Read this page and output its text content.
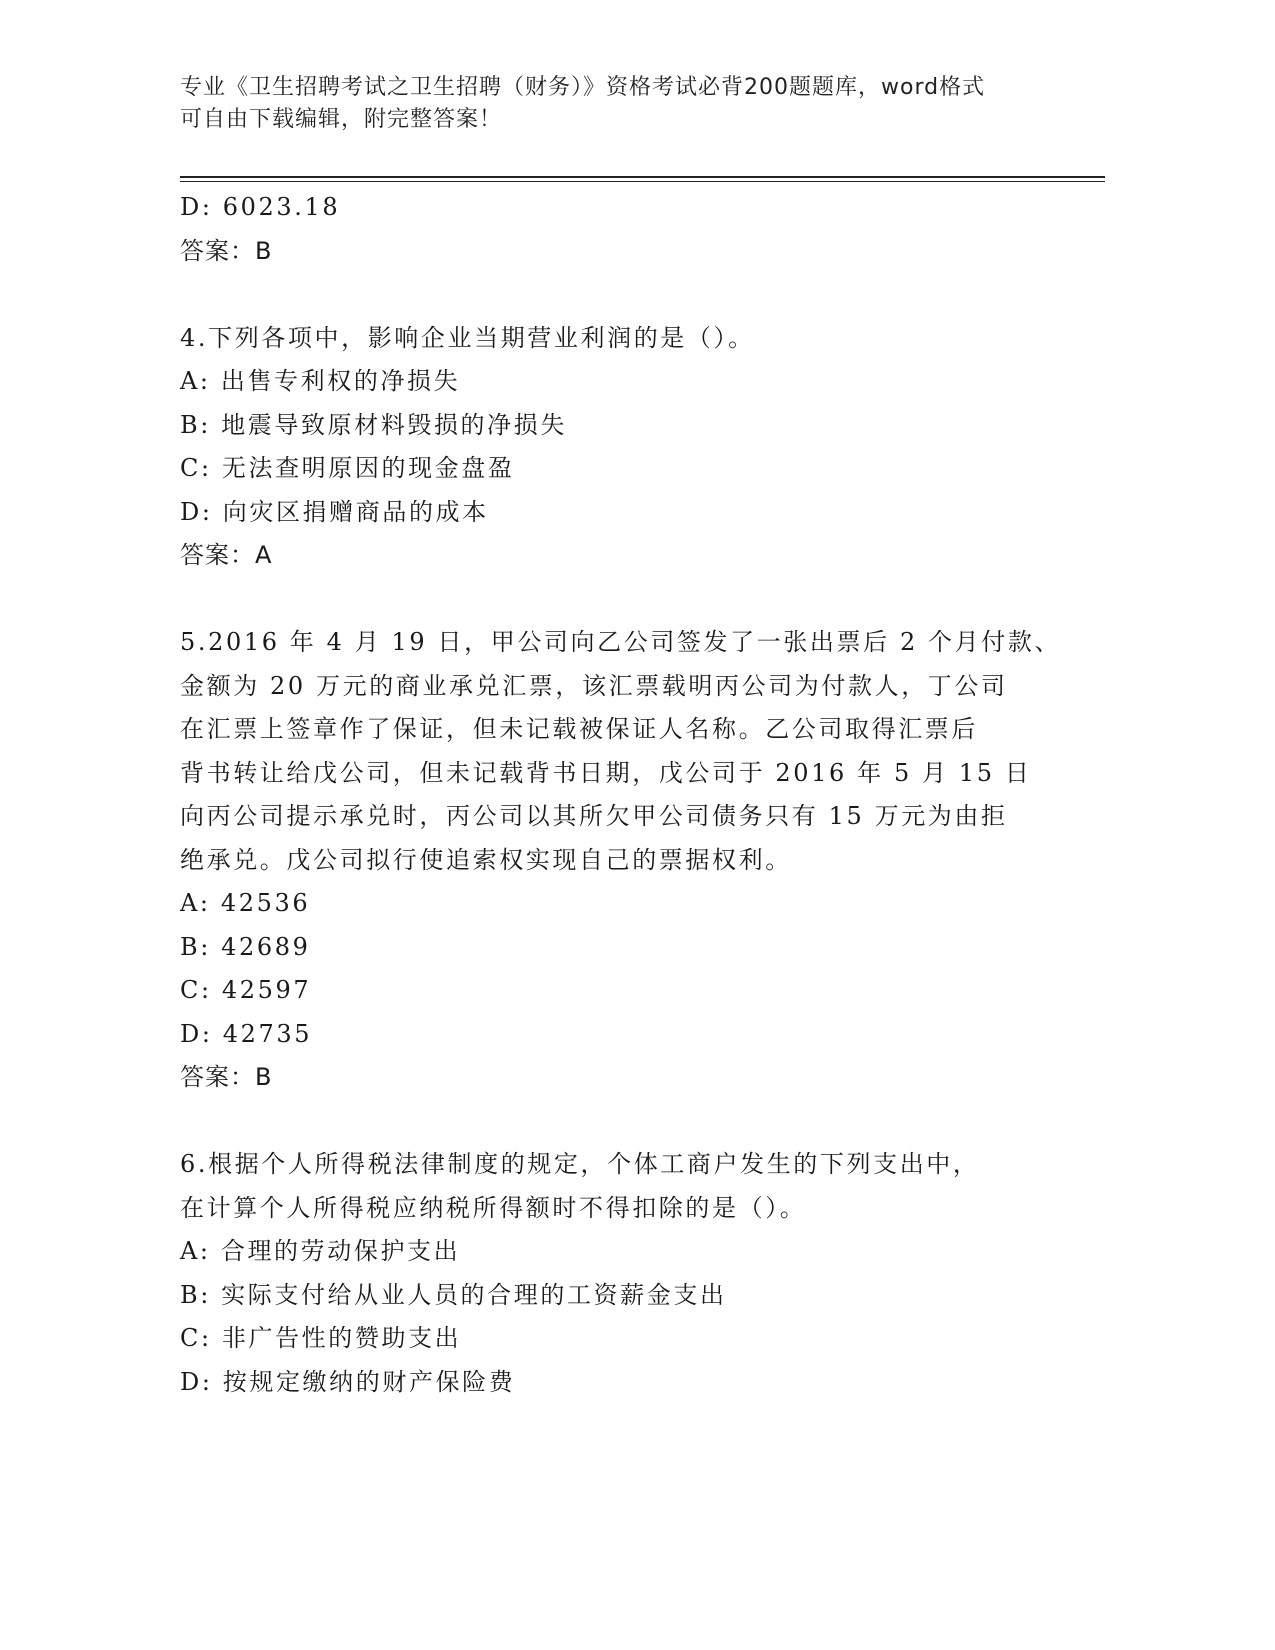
专业《卫生招聘考试之卫生招聘（财务）》资格考试必背200题题库，word格式
可自由下载编辑，附完整答案！
D: 6023.18
答案：B
4.下列各项中，影响企业当期营业利润的是（）。
A: 出售专利权的净损失
B: 地震导致原材料毁损的净损失
C: 无法查明原因的现金盘盈
D: 向灾区捐赠商品的成本
答案：A
5.2016 年 4 月 19 日，甲公司向乙公司签发了一张出票后 2 个月付款、
金额为 20 万元的商业承兑汇票，该汇票载明丙公司为付款人，丁公司
在汇票上签章作了保证，但未记载被保证人名称。乙公司取得汇票后
背书转让给戊公司，但未记载背书日期，戊公司于 2016 年 5 月 15 日
向丙公司提示承兑时，丙公司以其所欠甲公司债务只有 15 万元为由拒
绝承兑。戊公司拟行使追索权实现自己的票据权利。
A: 42536
B: 42689
C: 42597
D: 42735
答案：B
6.根据个人所得税法律制度的规定，个体工商户发生的下列支出中，
在计算个人所得税应纳税所得额时不得扣除的是（）。
A: 合理的劳动保护支出
B: 实际支付给从业人员的合理的工资薪金支出
C: 非广告性的赞助支出
D: 按规定缴纳的财产保险费
